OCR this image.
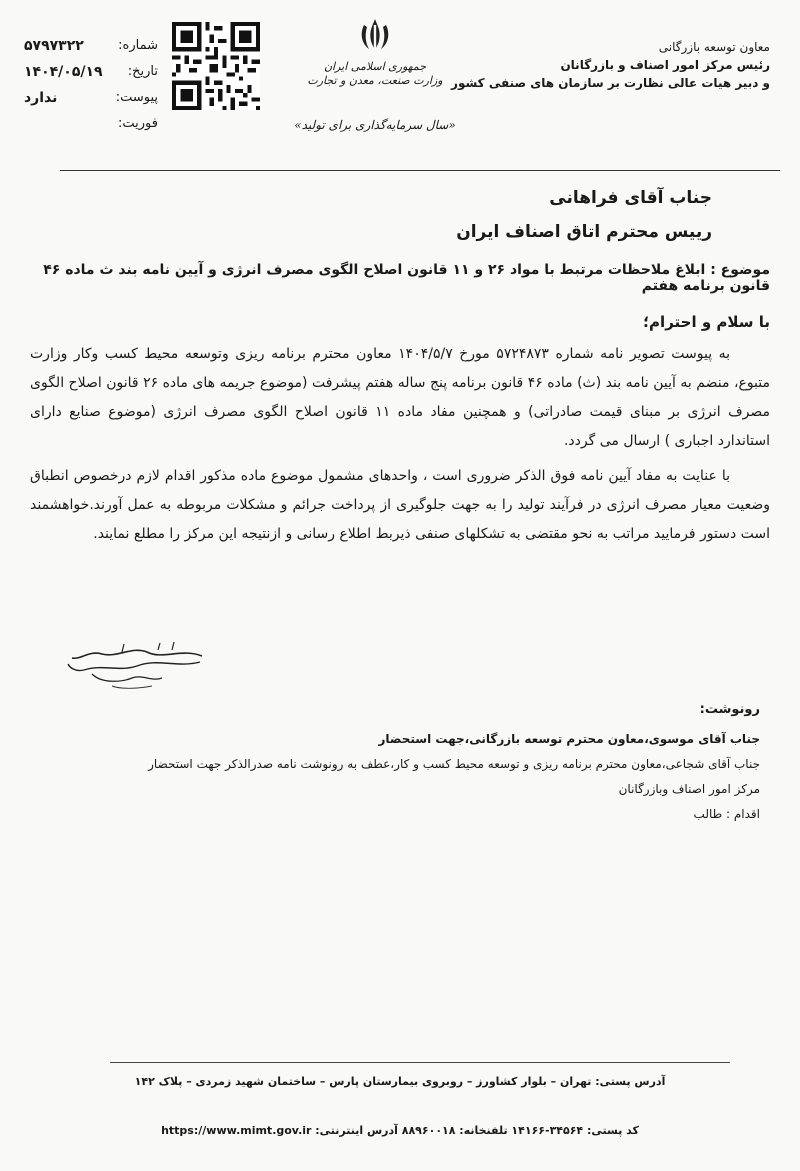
شماره:
۵۷۹۷۳۲۲
تاریخ:
۱۴۰۴/۰۵/۱۹
پیوست:
ندارد
فوریت:
جمهوری اسلامی ایران
وزارت صنعت، معدن و تجارت
«سال سرمایه‌گذاری برای تولید»
معاون توسعه بازرگانی
رئیس مرکز امور اصناف و بازرگانان
و دبیر هیات عالی نظارت بر سازمان های صنفی کشور
جناب آقای فراهانی
رییس محترم اتاق اصناف ایران
موضوع : ابلاغ ملاحظات مرتبط با مواد ۲۶ و ۱۱ قانون اصلاح الگوی مصرف انرژی و آیین نامه بند ث ماده ۴۶ قانون برنامه هفتم
با سلام و احترام؛
به پیوست تصویر نامه شماره ۵۷۲۴۸۷۳ مورخ ۱۴۰۴/۵/۷ معاون محترم برنامه ریزی وتوسعه محیط کسب وکار وزارت متبوع، منضم به آیین نامه بند (ث) ماده ۴۶ قانون برنامه پنج ساله هفتم پیشرفت (موضوع جریمه های ماده ۲۶ قانون اصلاح الگوی مصرف انرژی بر مبنای قیمت صادراتی) و همچنین مفاد ماده ۱۱ قانون اصلاح الگوی مصرف انرژی (موضوع صنایع دارای استاندارد اجباری ) ارسال می گردد.
با عنایت به مفاد آیین نامه فوق الذکر ضروری است ، واحدهای مشمول موضوع ماده مذکور اقدام لازم درخصوص انطباق وضعیت معیار مصرف انرژی در فرآیند تولید را به جهت جلوگیری از پرداخت جرائم و مشکلات مربوطه به عمل آورند.خواهشمند است دستور فرمایید مراتب به نحو مقتضی به تشکلهای صنفی ذیربط اطلاع رسانی و ازنتیجه این مرکز را مطلع نمایند.
رونوشت:
جناب آقای موسوی،معاون محترم توسعه بازرگانی،جهت استحضار
جناب آقای شجاعی،معاون محترم برنامه ریزی و توسعه محیط کسب و کار،عطف به رونوشت نامه صدرالذکر جهت استحضار
مرکز امور اصناف وبازرگانان
اقدام : طالب
آدرس پستی: تهران – بلوار کشاورز – روبروی بیمارستان پارس – ساختمان شهید زمردی – پلاک ۱۴۲
کد پستی: ۳۴۵۶۴-۱۴۱۶۶ تلفنخانه: ۸۸۹۶۰۰۱۸ آدرس اینترنتی: https://www.mimt.gov.ir
